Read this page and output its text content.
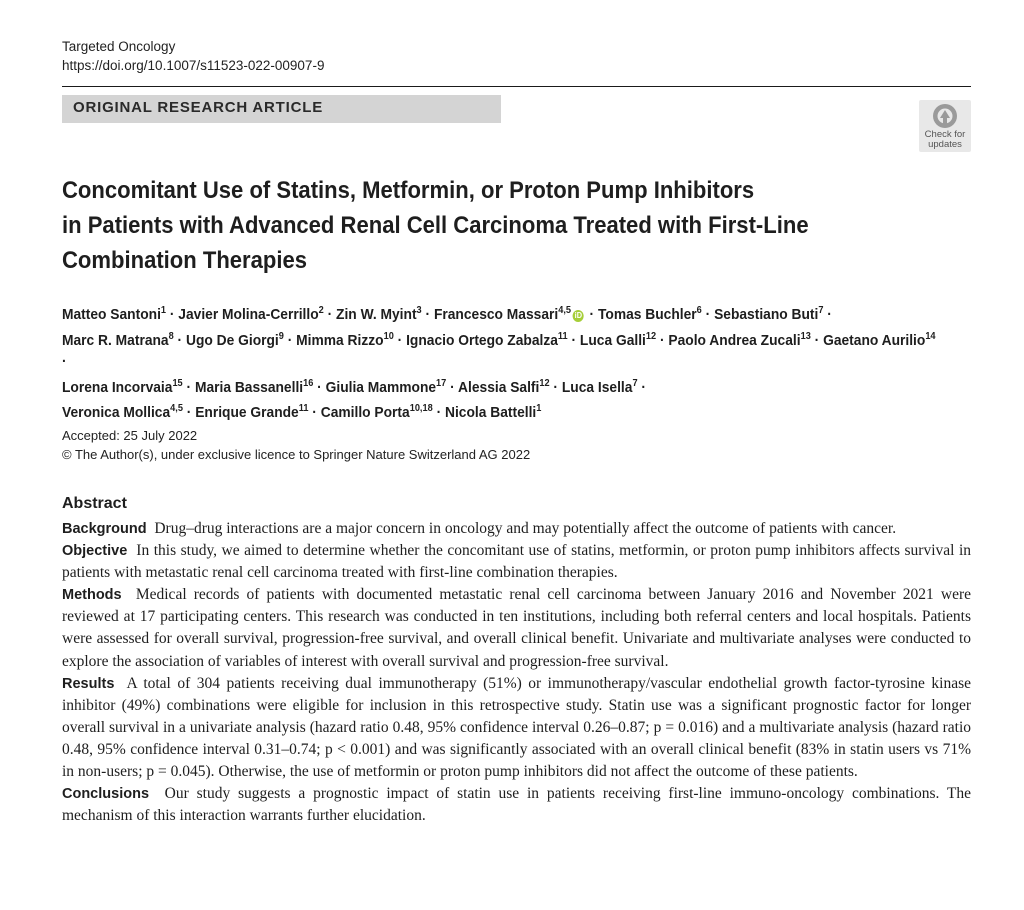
Targeted Oncology
https://doi.org/10.1007/s11523-022-00907-9
ORIGINAL RESEARCH ARTICLE
Check for
updates
Concomitant Use of Statins, Metformin, or Proton Pump Inhibitors
in Patients with Advanced Renal Cell Carcinoma Treated with First-Line
Combination Therapies
Matteo Santoni$^1$ · Javier Molina-Cerrillo$^2$ · Zin W. Myint$^3$ · Francesco Massari$^{4,5}$ iD · Tomas Buchler$^6$ · Sebastiano Buti$^7$ ·
Marc R. Matrana$^8$ · Ugo De Giorgi$^9$ · Mimma Rizzo$^{10}$ · Ignacio Ortego Zabalza$^{11}$ · Luca Galli$^{12}$ · Paolo Andrea Zucali$^{13}$ · Gaetano Aurilio$^{14}$ ·
Lorena Incorvaia$^{15}$ · Maria Bassanelli$^{16}$ · Giulia Mammone$^{17}$ · Alessia Salfi$^{12}$ · Luca Isella$^7$ ·
Veronica Mollica$^{4,5}$ · Enrique Grande$^{11}$ · Camillo Porta$^{10,18}$ · Nicola Battelli$^1$
Accepted: 25 July 2022
© The Author(s), under exclusive licence to Springer Nature Switzerland AG 2022
Abstract

Background Drug–drug interactions are a major concern in oncology and may potentially affect the outcome of patients with cancer.

Objective In this study, we aimed to determine whether the concomitant use of statins, metformin, or proton pump inhibitors affects survival in patients with metastatic renal cell carcinoma treated with first-line combination therapies.

Methods Medical records of patients with documented metastatic renal cell carcinoma between January 2016 and November 2021 were reviewed at 17 participating centers. This research was conducted in ten institutions, including both referral centers and local hospitals. Patients were assessed for overall survival, progression-free survival, and overall clinical benefit. Univariate and multivariate analyses were conducted to explore the association of variables of interest with overall survival and progression-free survival.

Results A total of 304 patients receiving dual immunotherapy (51%) or immunotherapy/vascular endothelial growth factor-tyrosine kinase inhibitor (49%) combinations were eligible for inclusion in this retrospective study. Statin use was a significant prognostic factor for longer overall survival in a univariate analysis (hazard ratio 0.48, 95% confidence interval 0.26–0.87; p = 0.016) and a multivariate analysis (hazard ratio 0.48, 95% confidence interval 0.31–0.74; p < 0.001) and was significantly associated with an overall clinical benefit (83% in statin users vs 71% in non-users; p = 0.045). Otherwise, the use of metformin or proton pump inhibitors did not affect the outcome of these patients.

Conclusions Our study suggests a prognostic impact of statin use in patients receiving first-line immuno-oncology combinations. The mechanism of this interaction warrants further elucidation.
